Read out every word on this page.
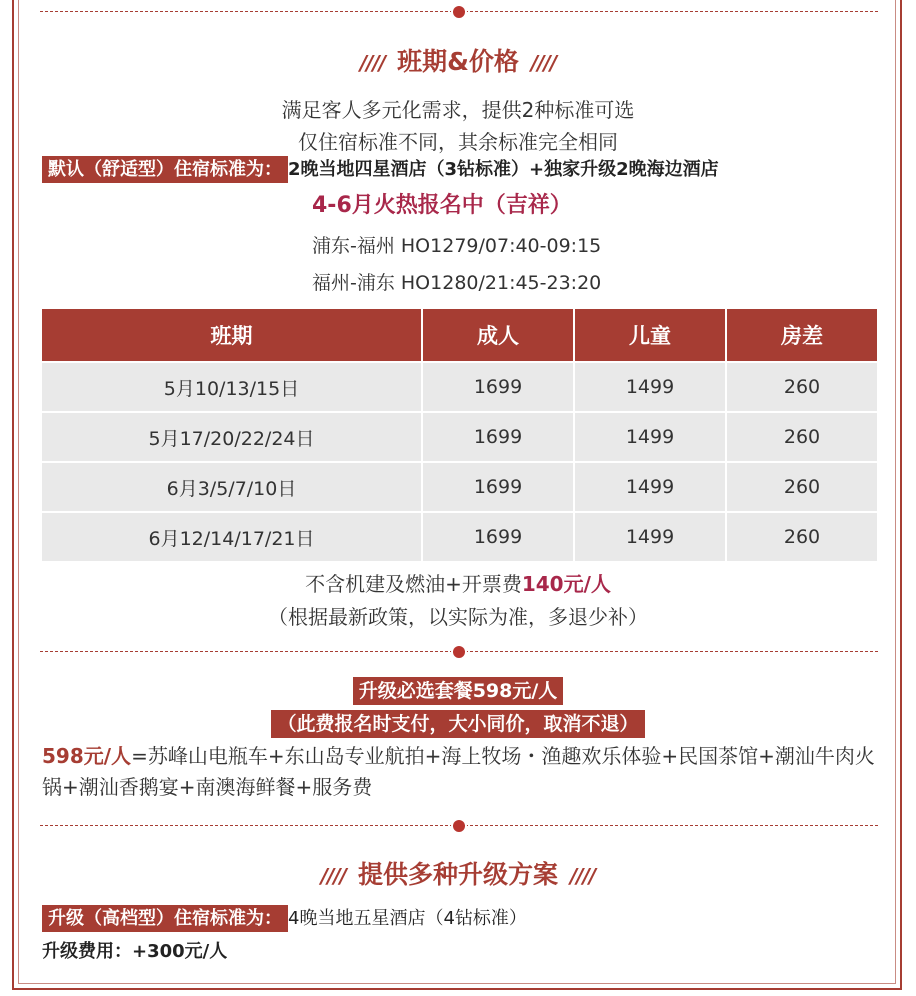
//// 班期&价格 ////
满足客人多元化需求，提供2种标准可选
仅住宿标准不同，其余标准完全相同
默认（舒适型）住宿标准为： 2晚当地四星酒店（3钻标准）+独家升级2晚海边酒店
4-6月火热报名中（吉祥）
浦东-福州 HO1279/07:40-09:15
福州-浦东 HO1280/21:45-23:20
班期	成人	儿童	房差
5月10/13/15日	1699	1499	260
5月17/20/22/24日	1699	1499	260
6月3/5/7/10日	1699	1499	260
6月12/14/17/21日	1699	1499	260
不含机建及燃油+开票费140元/人
（根据最新政策，以实际为准，多退少补）
升级必选套餐598元/人
（此费报名时支付，大小同价，取消不退）
598元/人=苏峰山电瓶车+东山岛专业航拍+海上牧场・渔趣欢乐体验+民国茶馆+潮汕牛肉火锅+潮汕香鹅宴+南澳海鲜餐+服务费
//// 提供多种升级方案 ////
升级（高档型）住宿标准为： 4晚当地五星酒店（4钻标准）
升级费用：+300元/人
